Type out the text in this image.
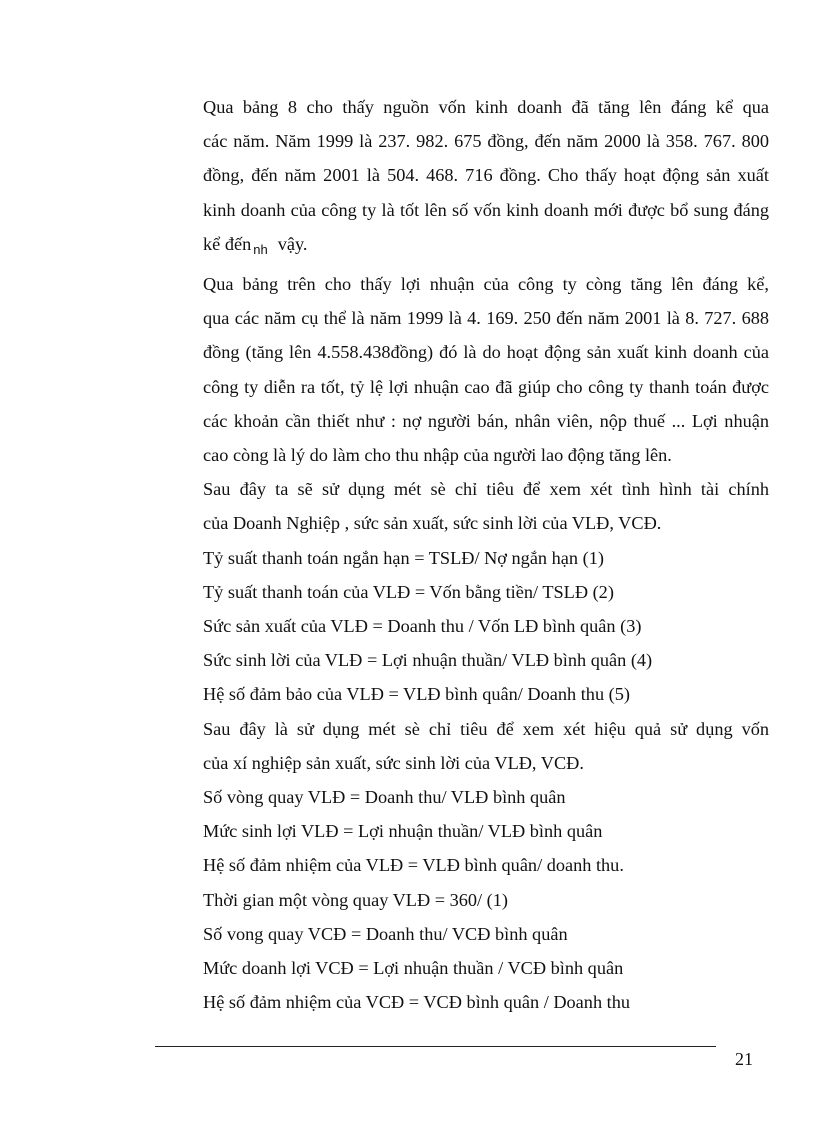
Qua bảng 8 cho thấy nguồn vốn kinh doanh đã tăng lên đáng kể qua
các năm. Năm 1999 là 237. 982. 675 đồng, đến năm 2000 là 358. 767. 800
đồng, đến năm 2001 là 504. 468. 716 đồng. Cho thấy hoạt động sản xuất
kinh doanh của công ty là tốt lên số vốn kinh doanh mới được bổ sung đáng
kể đến $_{nh}$ vậy.

Qua bảng trên cho thấy lợi nhuận của công ty còng tăng lên đáng kể,
qua các năm cụ thể là năm 1999 là 4. 169. 250 đến năm 2001 là 8. 727. 688
đồng (tăng lên 4.558.438đồng) đó là do hoạt động sản xuất kinh doanh của
công ty diễn ra tốt, tỷ lệ lợi nhuận cao đã giúp cho công ty thanh toán được
các khoản cần thiết như : nợ người bán, nhân viên, nộp thuế ... Lợi nhuận
cao còng là lý do làm cho thu nhập của người lao động tăng lên.

Sau đây ta sẽ sử dụng mét sè chỉ tiêu để xem xét tình hình tài chính
của Doanh Nghiệp , sức sản xuất, sức sinh lời của VLĐ, VCĐ.

Tỷ suất thanh toán ngắn hạn = TSLĐ/ Nợ ngắn hạn (1)

Tỷ suất thanh toán của VLĐ = Vốn bằng tiền/ TSLĐ (2)

Sức sản xuất của VLĐ = Doanh thu / Vốn LĐ bình quân (3)

Sức sinh lời của VLĐ = Lợi nhuận thuần/ VLĐ bình quân (4)

Hệ số đảm bảo của VLĐ = VLĐ bình quân/ Doanh thu (5)

Sau đây là sử dụng mét sè chỉ tiêu để xem xét hiệu quả sử dụng vốn
của xí nghiệp sản xuất, sức sinh lời của VLĐ, VCĐ.

Số vòng quay VLĐ = Doanh thu/ VLĐ bình quân

Mức sinh lợi VLĐ = Lợi nhuận thuần/ VLĐ bình quân

Hệ số đảm nhiệm của VLĐ = VLĐ bình quân/ doanh thu.

Thời gian một vòng quay VLĐ = 360/ (1)

Số vong quay VCĐ = Doanh thu/ VCĐ bình quân

Mức doanh lợi VCĐ = Lợi nhuận thuần / VCĐ bình quân

Hệ số đảm nhiệm của VCĐ = VCĐ bình quân / Doanh thu

21
